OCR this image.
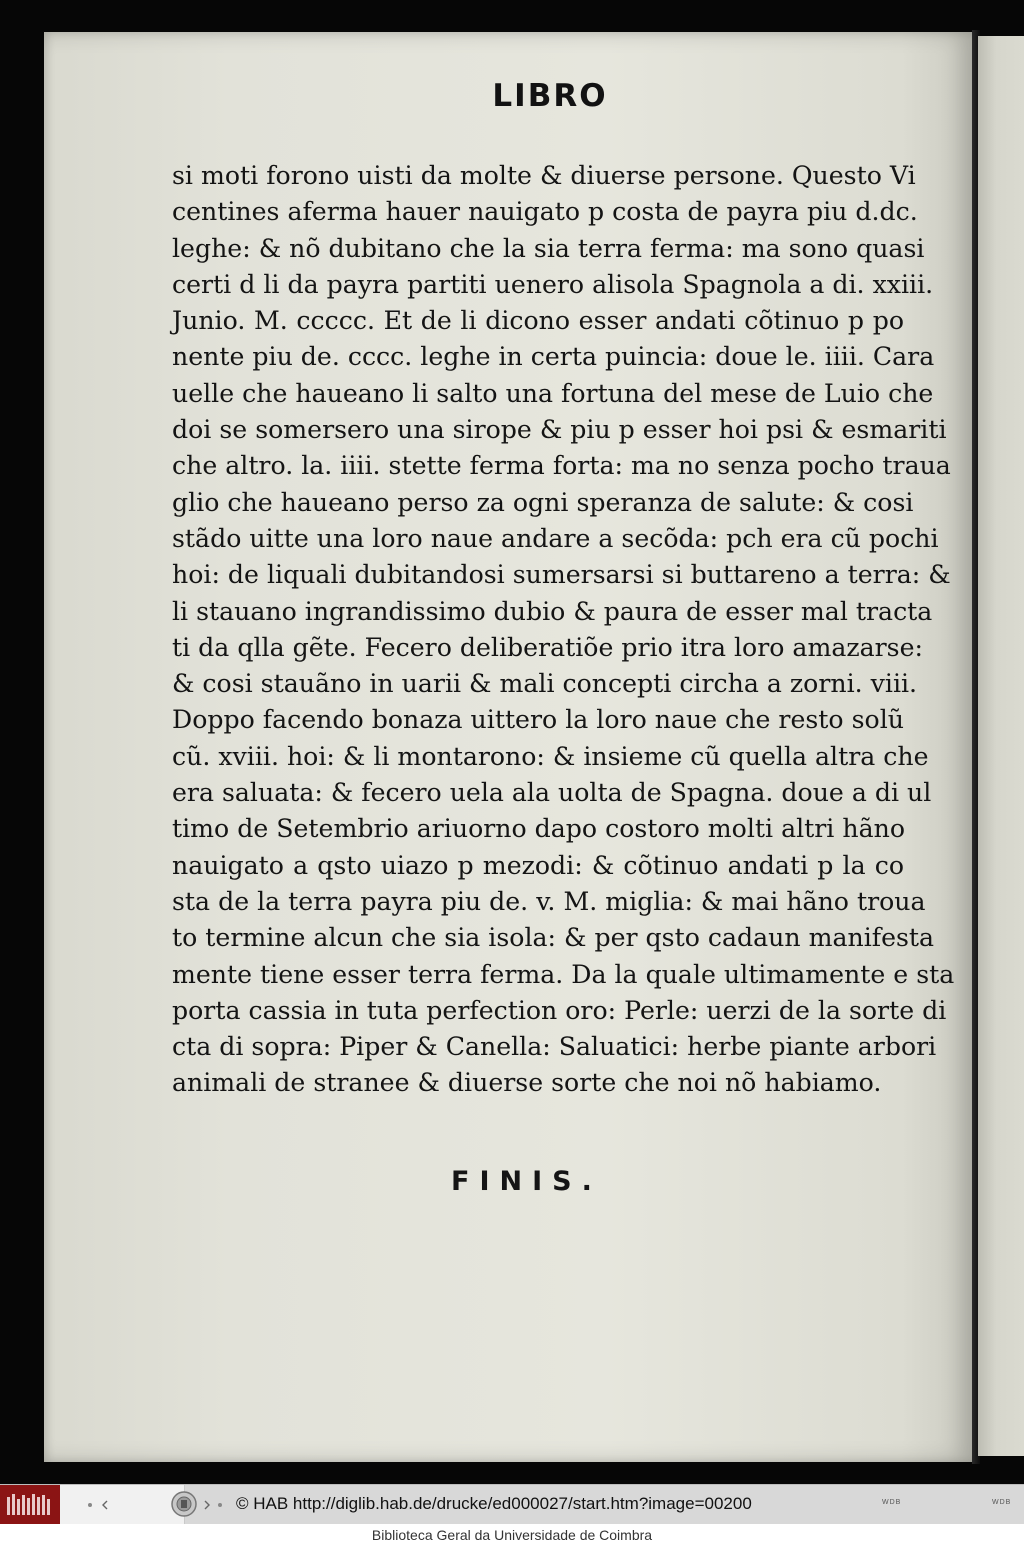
LIBRO
si moti forono uisti da molte & diuerse persone. Questo Vi
centines aferma hauer nauigato p costa de payra piu d.dc.
leghe: & nõ dubitano che la sia terra ferma: ma sono quasi
certi d li da payra partiti uenero alisola Spagnola a di. xxiii.
Junio. M. ccccc. Et de li dicono esser andati cõtinuo p po
nente piu de. cccc. leghe in certa puincia: doue le. iiii. Cara
uelle che haueano li salto una fortuna del mese de Luio che
doi se somersero una sirope & piu p esser hoi psi & esmariti
che altro. la. iiii. stette ferma forta: ma no senza pocho traua
glio che haueano perso za ogni speranza de salute: & cosi
stãdo uitte una loro naue andare a secõda: pch era cũ pochi
hoi: de liquali dubitandosi sumersarsi si buttareno a terra: &
li stauano ingrandissimo dubio & paura de esser mal tracta
ti da qlla gẽte. Fecero deliberatiõe prio itra loro amazarse:
& cosi stauãno in uarii & mali concepti circha a zorni. viii.
Doppo facendo bonaza uittero la loro naue che resto solũ
cũ. xviii. hoi: & li montarono: & insieme cũ quella altra che
era saluata: & fecero uela ala uolta de Spagna. doue a di ul
timo de Setembrio ariuorno dapo costoro molti altri hãno
nauigato a qsto uiazo p mezodi: & cõtinuo andati p la co
sta de la terra payra piu de. v. M. miglia: & mai hãno troua
to termine alcun che sia isola: & per qsto cadaun manifesta
mente tiene esser terra ferma. Da la quale ultimamente e sta
porta cassia in tuta perfection oro: Perle: uerzi de la sorte di
cta di sopra: Piper & Canella: Saluatici: herbe piante arbori
animali de stranee & diuerse sorte che noi nõ habiamo.
FINIS.
© HAB http://diglib.hab.de/drucke/ed000027/start.htm?image=00200	WDB	WDB
Biblioteca Geral da Universidade de Coimbra
